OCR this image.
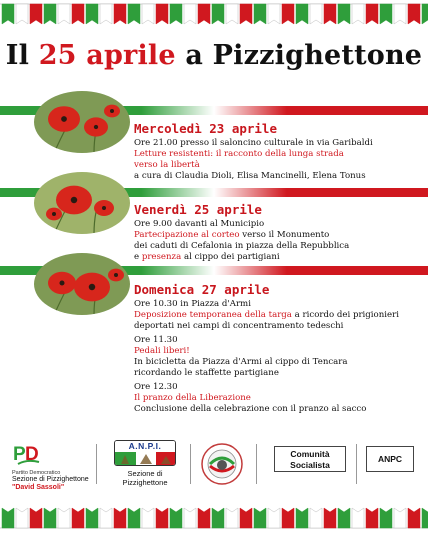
Il 25 aprile a Pizzighettone
Mercoledì 23 aprile
Ore 21.00 presso il saloncino culturale in via Garibaldi
Letture resistenti: il racconto della lunga strada
verso la libertà
a cura di Claudia Dioli, Elisa Mancinelli, Elena Tonus
Venerdì 25 aprile
Ore 9.00 davanti al Municipio
Partecipazione al corteo verso il Monumento
dei caduti di Cefalonia in piazza della Repubblica
e presenza al cippo dei partigiani
Domenica 27 aprile
Ore 10.30 in Piazza d'Armi
Deposizione temporanea della targa a ricordo dei prigionieri
deportati nei campi di concentramento tedeschi
Ore 11.30
Pedali liberi!
In bicicletta da Piazza d'Armi al cippo di Tencara
ricordando le staffette partigiane
Ore 12.30
Il pranzo della Liberazione
Conclusione della celebrazione con il pranzo al sacco
P D
Partito Democratico
Sezione di Pizzighettone
"David Sassoli"
A.N.P.I.
Sezione di Pizzighettone
Comunità
Socialista
ANPC
